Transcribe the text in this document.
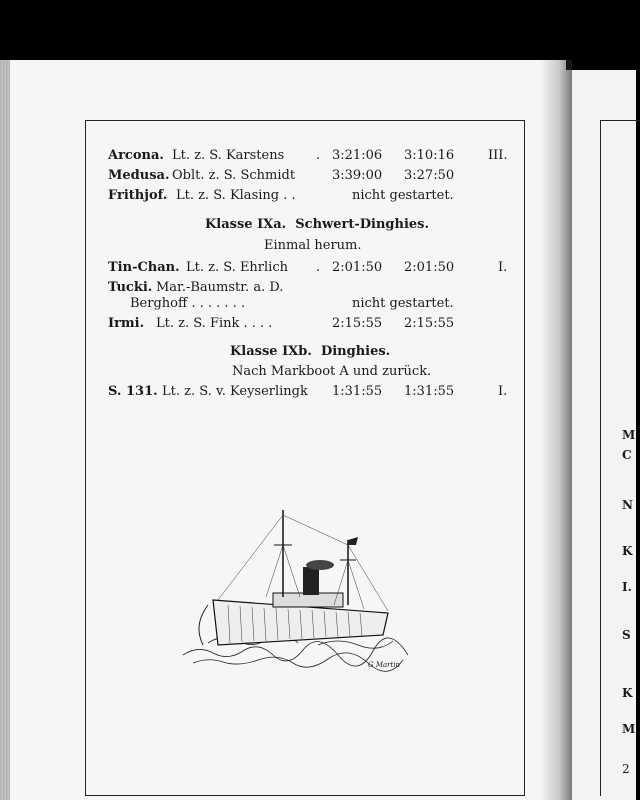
Arcona. Lt. z. S. Karstens . 3:21:06 3:10:16	III.
Medusa. Oblt. z. S. Schmidt	3:39:00 3:27:50
Frithjof. Lt. z. S. Klasing . .	nicht gestartet.
Klasse IXa. Schwert-Dinghies.
Einmal herum.
Tin-Chan. Lt. z. S. Ehrlich . 2:01:50 2:01:50	I.
Tucki. Mar.-Baumstr. a. D.
Berghoff . . . . . . .	nicht gestartet.
Irmi. Lt. z. S. Fink . . . .	2:15:55 2:15:55
Klasse IXb. Dinghies.
Nach Markboot A und zurück.
S. 131. Lt. z. S. v. Keyserlingk 1:31:55 1:31:55	I.
G Martin
M
C
N
K
I.
S
K
M
2
